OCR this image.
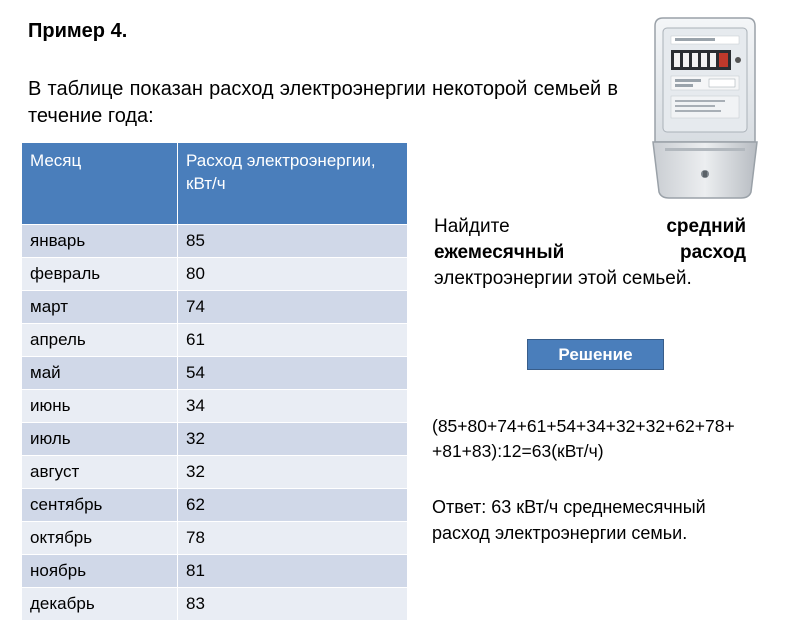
Пример 4.
В таблице показан расход электроэнергии некоторой семьей в течение года:
Месяц	Расход электроэнергии, кВт/ч
январь	85
февраль	80
март	74
апрель	61
май	54
июнь	34
июль	32
август	32
сентябрь	62
октябрь	78
ноябрь	81
декабрь	83
Найдите	средний
ежемесячный	расход
электроэнергии этой семьей.
Решение
(85+80+74+61+54+34+32+32+62+78+
+81+83):12=63(кВт/ч)
Ответ: 63 кВт/ч среднемесячный
расход электроэнергии семьи.
